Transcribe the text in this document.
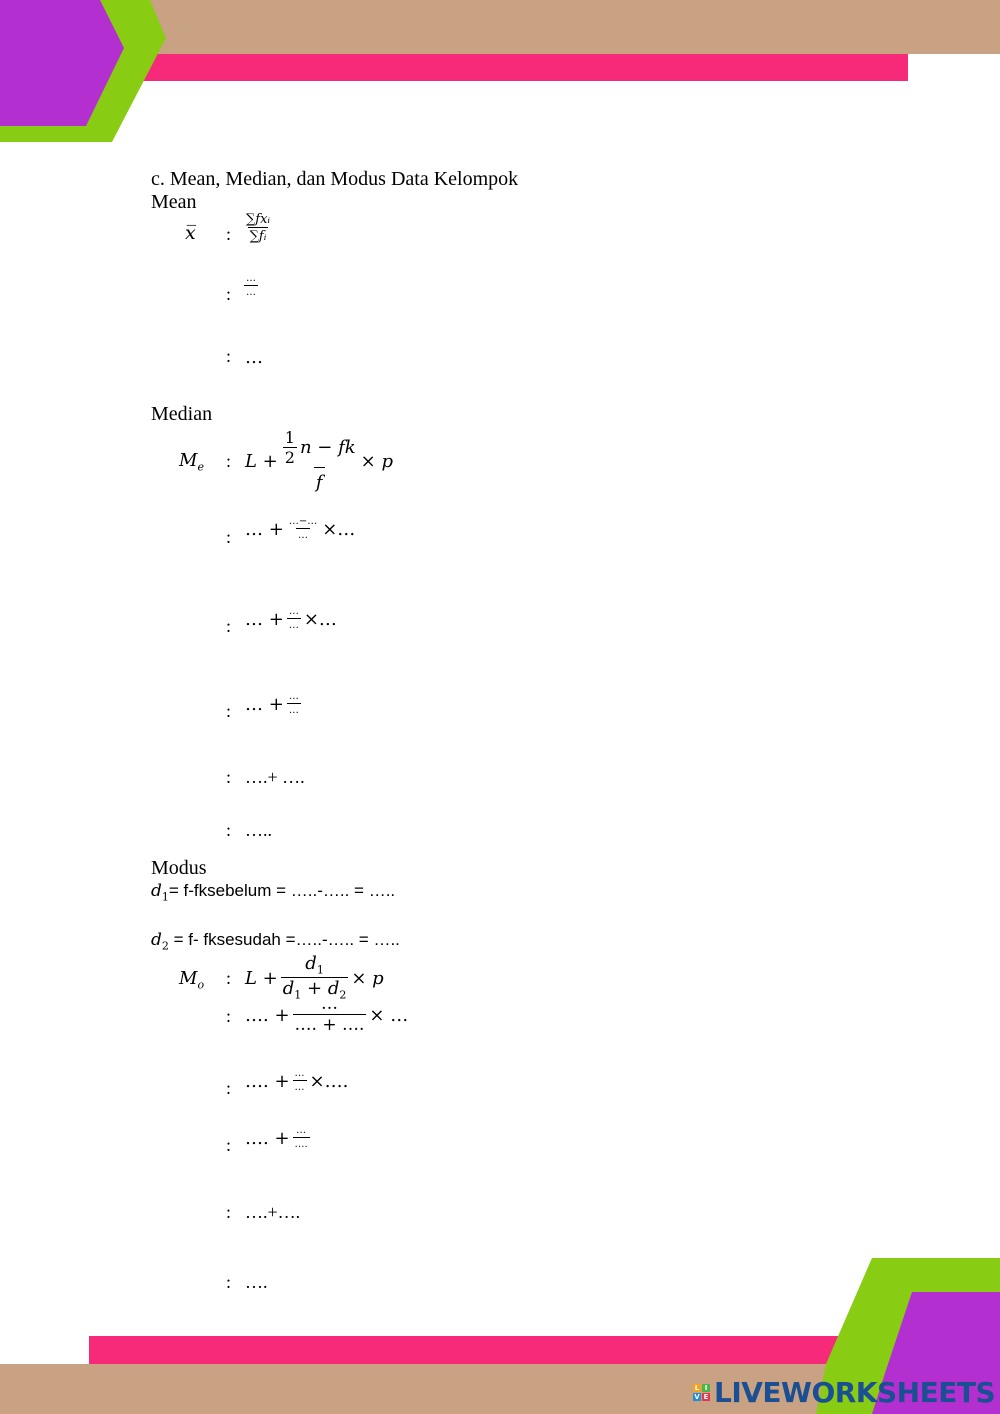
L I
V E LIVEWORKSHEETS
c. Mean, Median, dan Modus Data Kelompok
Mean
x̅ : $\frac{\text{∑fxᵢ}}{\text{∑fᵢ}}$
: $\frac{\dots}{\dots}$
: …
Median
$M_e$ : $L + \frac{\frac{1}{2} n - fk}{f} \times p$
: … + $\frac{\dots-\dots}{\dots}$ ×…
: … + $\frac{\dots}{\dots}$ ×…
: … + $\frac{\dots}{\dots}$
: ….+ ….
: …..
Modus
$d_1=$ f-fksebelum = …..-….. = …..
$d_2 = f-$ fksesudah =…..-….. = …..
$M_o$ : $L + \frac{d_1}{d_1 + d_2} \times p$
: …. + $\frac{\dots}{\dots. + \dots.}$ × …
: …. + $\frac{\dots}{\dots}$ ×….
: …. + $\frac{\dots}{\dots.}$
: ….+….
: ….
